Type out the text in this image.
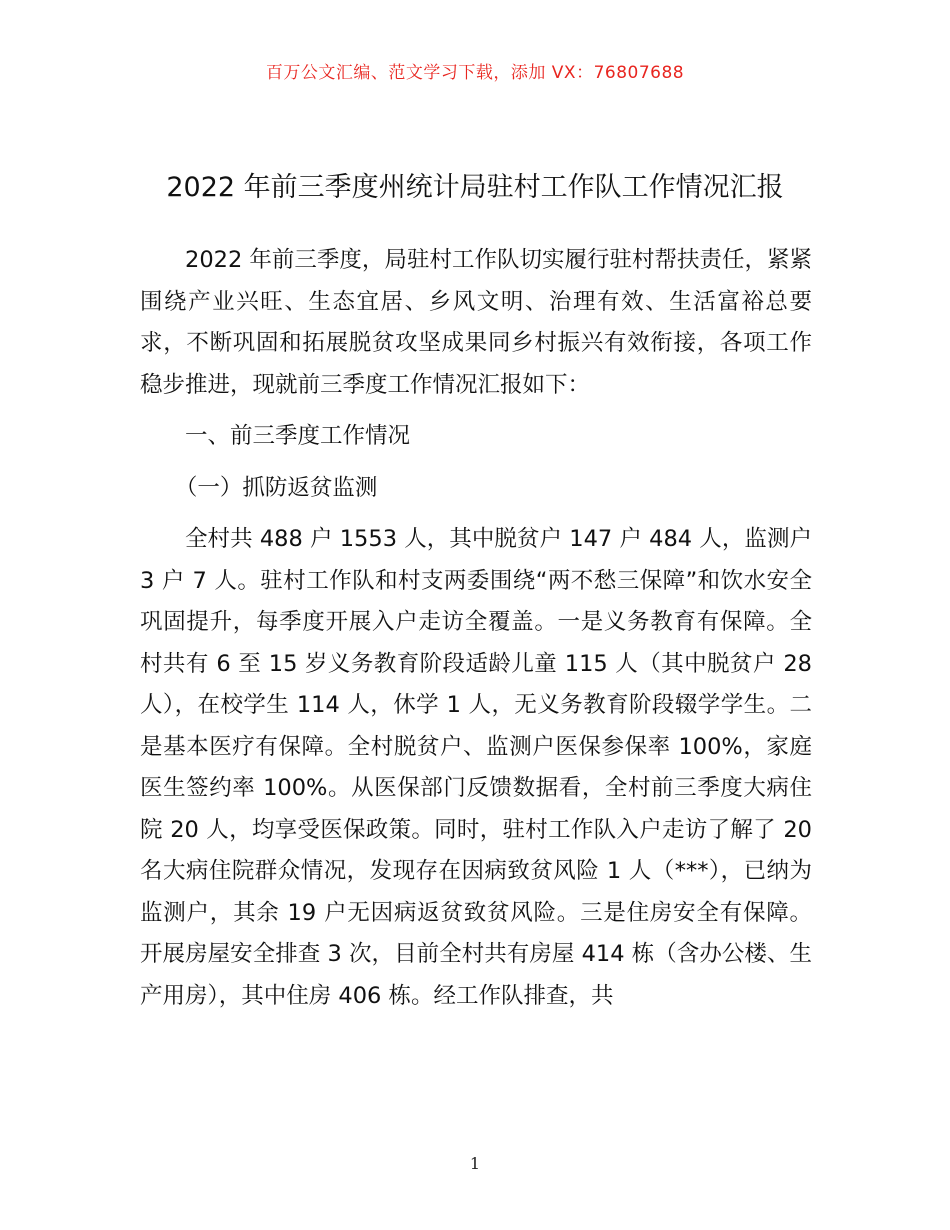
百万公文汇编、范文学习下载，添加 VX：76807688
2022 年前三季度州统计局驻村工作队工作情况汇报

2022 年前三季度，局驻村工作队切实履行驻村帮扶责任，紧紧围绕产业兴旺、生态宜居、乡风文明、治理有效、生活富裕总要求，不断巩固和拓展脱贫攻坚成果同乡村振兴有效衔接，各项工作稳步推进，现就前三季度工作情况汇报如下：

一、前三季度工作情况

（一）抓防返贫监测

全村共 488 户 1553 人，其中脱贫户 147 户 484 人，监测户 3 户 7 人。驻村工作队和村支两委围绕“两不愁三保障”和饮水安全巩固提升，每季度开展入户走访全覆盖。一是义务教育有保障。全村共有 6 至 15 岁义务教育阶段适龄儿童 115 人（其中脱贫户 28 人），在校学生 114 人，休学 1 人，无义务教育阶段辍学学生。二是基本医疗有保障。全村脱贫户、监测户医保参保率 100%，家庭医生签约率 100%。从医保部门反馈数据看，全村前三季度大病住院 20 人，均享受医保政策。同时，驻村工作队入户走访了解了 20 名大病住院群众情况，发现存在因病致贫风险 1 人（***），已纳为监测户，其余 19 户无因病返贫致贫风险。三是住房安全有保障。开展房屋安全排查 3 次，目前全村共有房屋 414 栋（含办公楼、生产用房），其中住房 406 栋。经工作队排查，共

1
